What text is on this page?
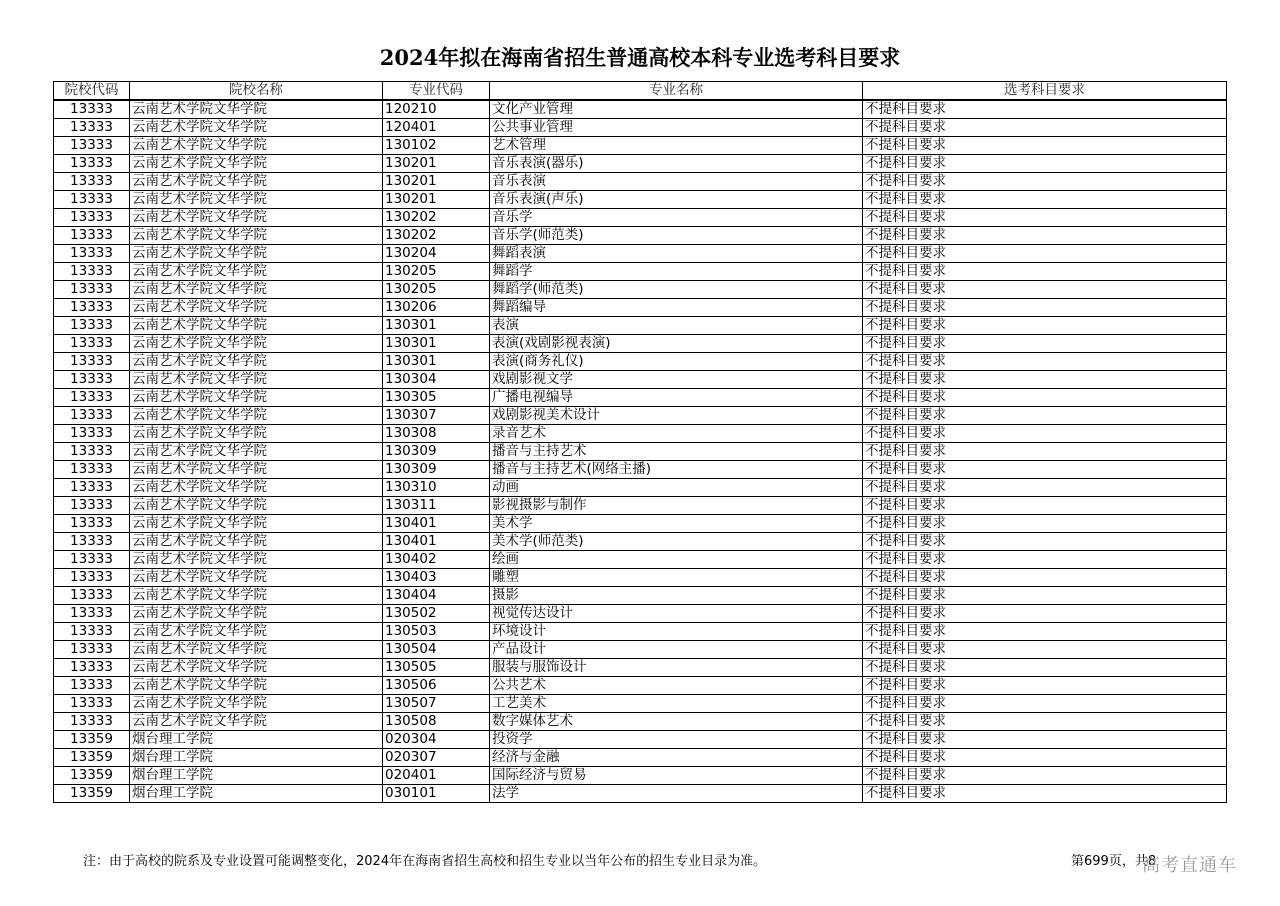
2024年拟在海南省招生普通高校本科专业选考科目要求
院校代码	院校名称	专业代码	专业名称	选考科目要求
13333	云南艺术学院文华学院	120210	文化产业管理	不提科目要求
13333	云南艺术学院文华学院	120401	公共事业管理	不提科目要求
13333	云南艺术学院文华学院	130102	艺术管理	不提科目要求
13333	云南艺术学院文华学院	130201	音乐表演(器乐)	不提科目要求
13333	云南艺术学院文华学院	130201	音乐表演	不提科目要求
13333	云南艺术学院文华学院	130201	音乐表演(声乐)	不提科目要求
13333	云南艺术学院文华学院	130202	音乐学	不提科目要求
13333	云南艺术学院文华学院	130202	音乐学(师范类)	不提科目要求
13333	云南艺术学院文华学院	130204	舞蹈表演	不提科目要求
13333	云南艺术学院文华学院	130205	舞蹈学	不提科目要求
13333	云南艺术学院文华学院	130205	舞蹈学(师范类)	不提科目要求
13333	云南艺术学院文华学院	130206	舞蹈编导	不提科目要求
13333	云南艺术学院文华学院	130301	表演	不提科目要求
13333	云南艺术学院文华学院	130301	表演(戏剧影视表演)	不提科目要求
13333	云南艺术学院文华学院	130301	表演(商务礼仪)	不提科目要求
13333	云南艺术学院文华学院	130304	戏剧影视文学	不提科目要求
13333	云南艺术学院文华学院	130305	广播电视编导	不提科目要求
13333	云南艺术学院文华学院	130307	戏剧影视美术设计	不提科目要求
13333	云南艺术学院文华学院	130308	录音艺术	不提科目要求
13333	云南艺术学院文华学院	130309	播音与主持艺术	不提科目要求
13333	云南艺术学院文华学院	130309	播音与主持艺术(网络主播)	不提科目要求
13333	云南艺术学院文华学院	130310	动画	不提科目要求
13333	云南艺术学院文华学院	130311	影视摄影与制作	不提科目要求
13333	云南艺术学院文华学院	130401	美术学	不提科目要求
13333	云南艺术学院文华学院	130401	美术学(师范类)	不提科目要求
13333	云南艺术学院文华学院	130402	绘画	不提科目要求
13333	云南艺术学院文华学院	130403	雕塑	不提科目要求
13333	云南艺术学院文华学院	130404	摄影	不提科目要求
13333	云南艺术学院文华学院	130502	视觉传达设计	不提科目要求
13333	云南艺术学院文华学院	130503	环境设计	不提科目要求
13333	云南艺术学院文华学院	130504	产品设计	不提科目要求
13333	云南艺术学院文华学院	130505	服装与服饰设计	不提科目要求
13333	云南艺术学院文华学院	130506	公共艺术	不提科目要求
13333	云南艺术学院文华学院	130507	工艺美术	不提科目要求
13333	云南艺术学院文华学院	130508	数字媒体艺术	不提科目要求
13359	烟台理工学院	020304	投资学	不提科目要求
13359	烟台理工学院	020307	经济与金融	不提科目要求
13359	烟台理工学院	020401	国际经济与贸易	不提科目要求
13359	烟台理工学院	030101	法学	不提科目要求
注：由于高校的院系及专业设置可能调整变化，2024年在海南省招生高校和招生专业以当年公布的招生专业目录为准。	第699页，共8
高考直通车
